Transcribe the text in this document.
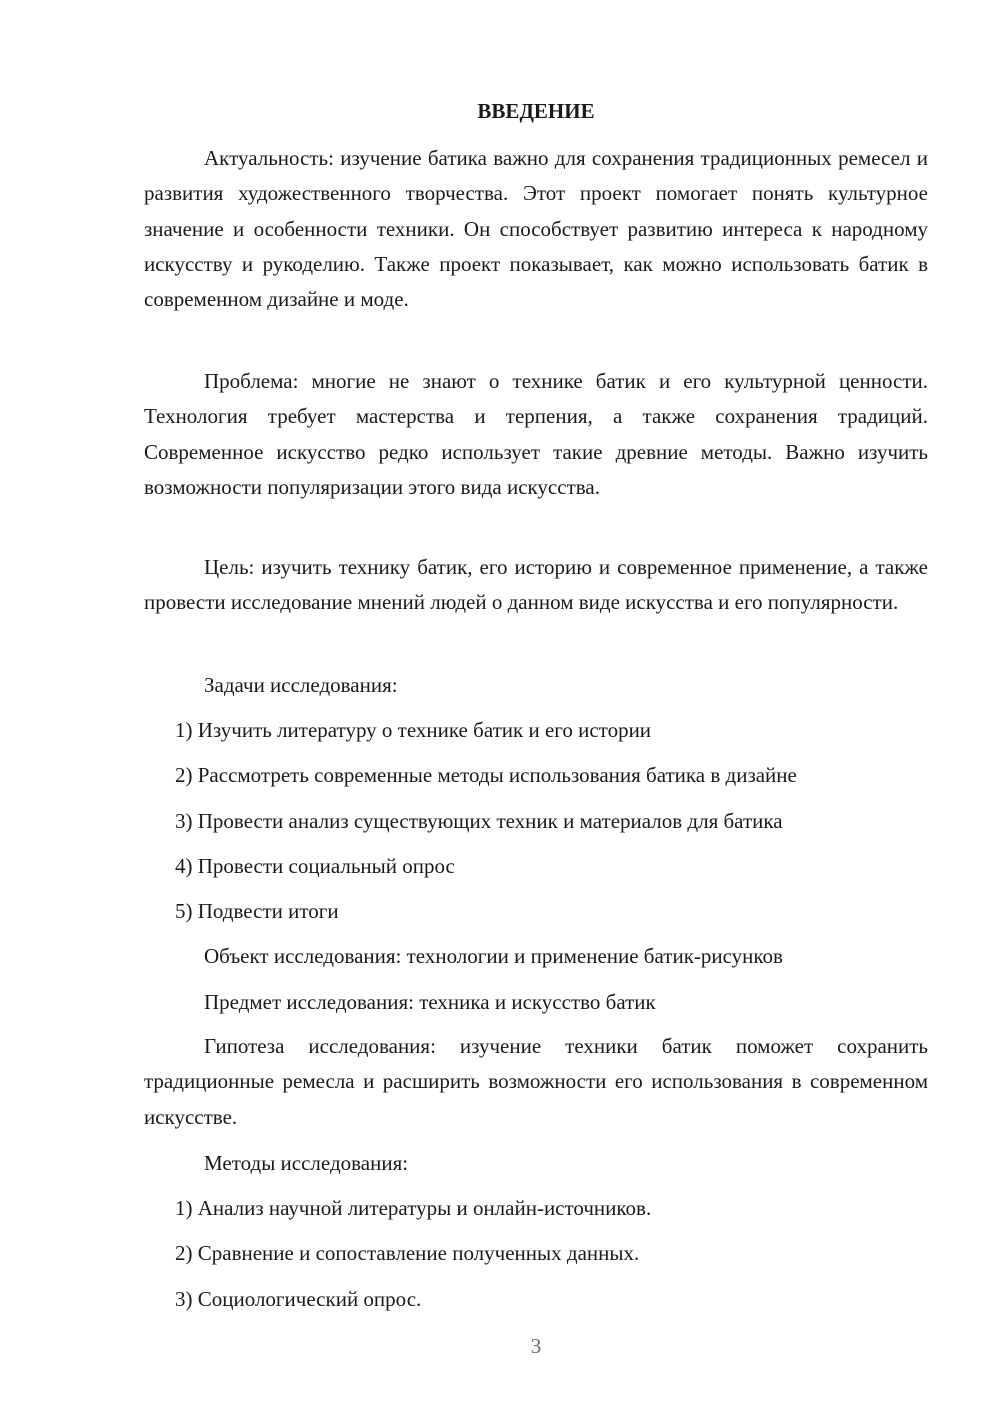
ВВЕДЕНИЕ

Актуальность: изучение батика важно для сохранения традиционных ремесел и развития художественного творчества. Этот проект помогает понять культурное значение и особенности техники. Он способствует развитию интереса к народному искусству и рукоделию. Также проект показывает, как можно использовать батик в современном дизайне и моде.

Проблема: многие не знают о технике батик и его культурной ценности. Технология требует мастерства и терпения, а также сохранения традиций. Современное искусство редко использует такие древние методы. Важно изучить возможности популяризации этого вида искусства.

Цель: изучить технику батик, его историю и современное применение, а также провести исследование мнений людей о данном виде искусства и его популярности.

Задачи исследования:

1) Изучить литературу о технике батик и его истории

2) Рассмотреть современные методы использования батика в дизайне

3) Провести анализ существующих техник и материалов для батика

4) Провести социальный опрос

5) Подвести итоги

Объект исследования: технологии и применение батик-рисунков

Предмет исследования: техника и искусство батик

Гипотеза исследования: изучение техники батик поможет сохранить традиционные ремесла и расширить возможности его использования в современном искусстве.

Методы исследования:

1) Анализ научной литературы и онлайн-источников.

2) Сравнение и сопоставление полученных данных.

3) Социологический опрос.

3
